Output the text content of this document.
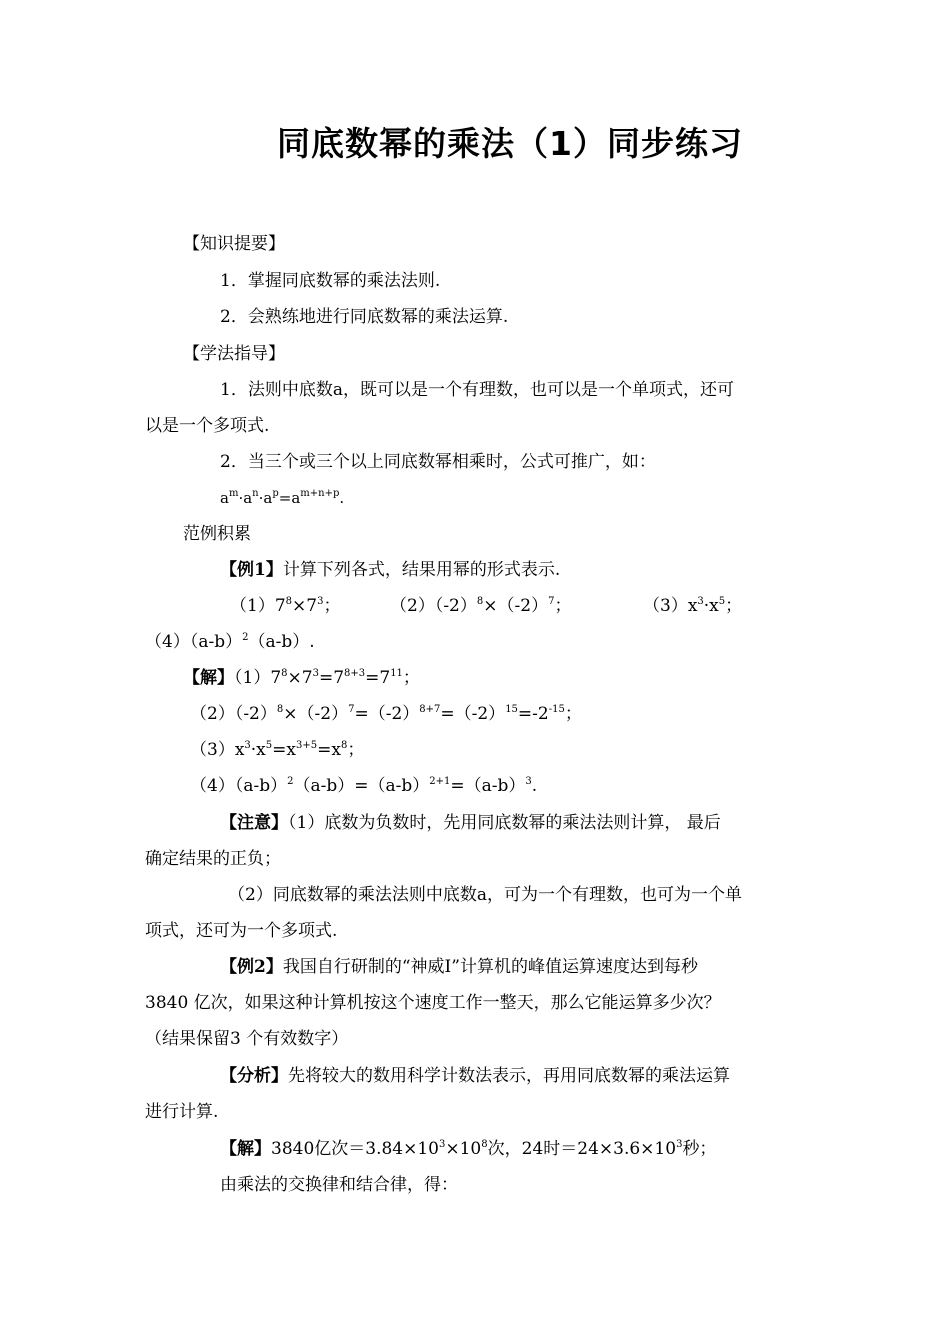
同底数幂的乘法（1）同步练习
【知识提要】
1．掌握同底数幂的乘法法则.
2．会熟练地进行同底数幂的乘法运算.
【学法指导】
1．法则中底数a，既可以是一个有理数，也可以是一个单项式，还可
以是一个多项式.
2．当三个或三个以上同底数幂相乘时，公式可推广，如：
$a^m\cdot a^n\cdot a^p=a^{m+n+p}$.
范例积累
【例1】计算下列各式，结果用幂的形式表示.
$(1)7^8\times 7^3$；	$(2)(-2)^8\times(-2)^7$；	$(3)x^3\cdot x^5$；
$(4)(a-b)^2(a-b)$.
【解】$(1)7^8\times 7^3=7^{8+3}=7^{11}$；
$(2)(-2)^8\times(-2)^7=(-2)^{8+7}=(-2)^{15}=-2^{-15}$；
$(3)x^3\cdot x^5=x^{3+5}=x^8$；
$(4)(a-b)^2(a-b)=(a-b)^{2+1}=(a-b)^3$.
【注意】（1）底数为负数时，先用同底数幂的乘法法则计算， 最后
确定结果的正负；
（2）同底数幂的乘法法则中底数a，可为一个有理数，也可为一个单
项式，还可为一个多项式.
【例2】我国自行研制的“神威Ⅰ”计算机的峰值运算速度达到每秒
3840 亿次，如果这种计算机按这个速度工作一整天，那么它能运算多少次？
（结果保留3 个有效数字）
【分析】先将较大的数用科学计数法表示，再用同底数幂的乘法运算
进行计算.
【解】3840亿次$=3.84\times 10^3\times 10^8$次，24时$=24\times 3.6\times 10^3$秒；
由乘法的交换律和结合律，得：
